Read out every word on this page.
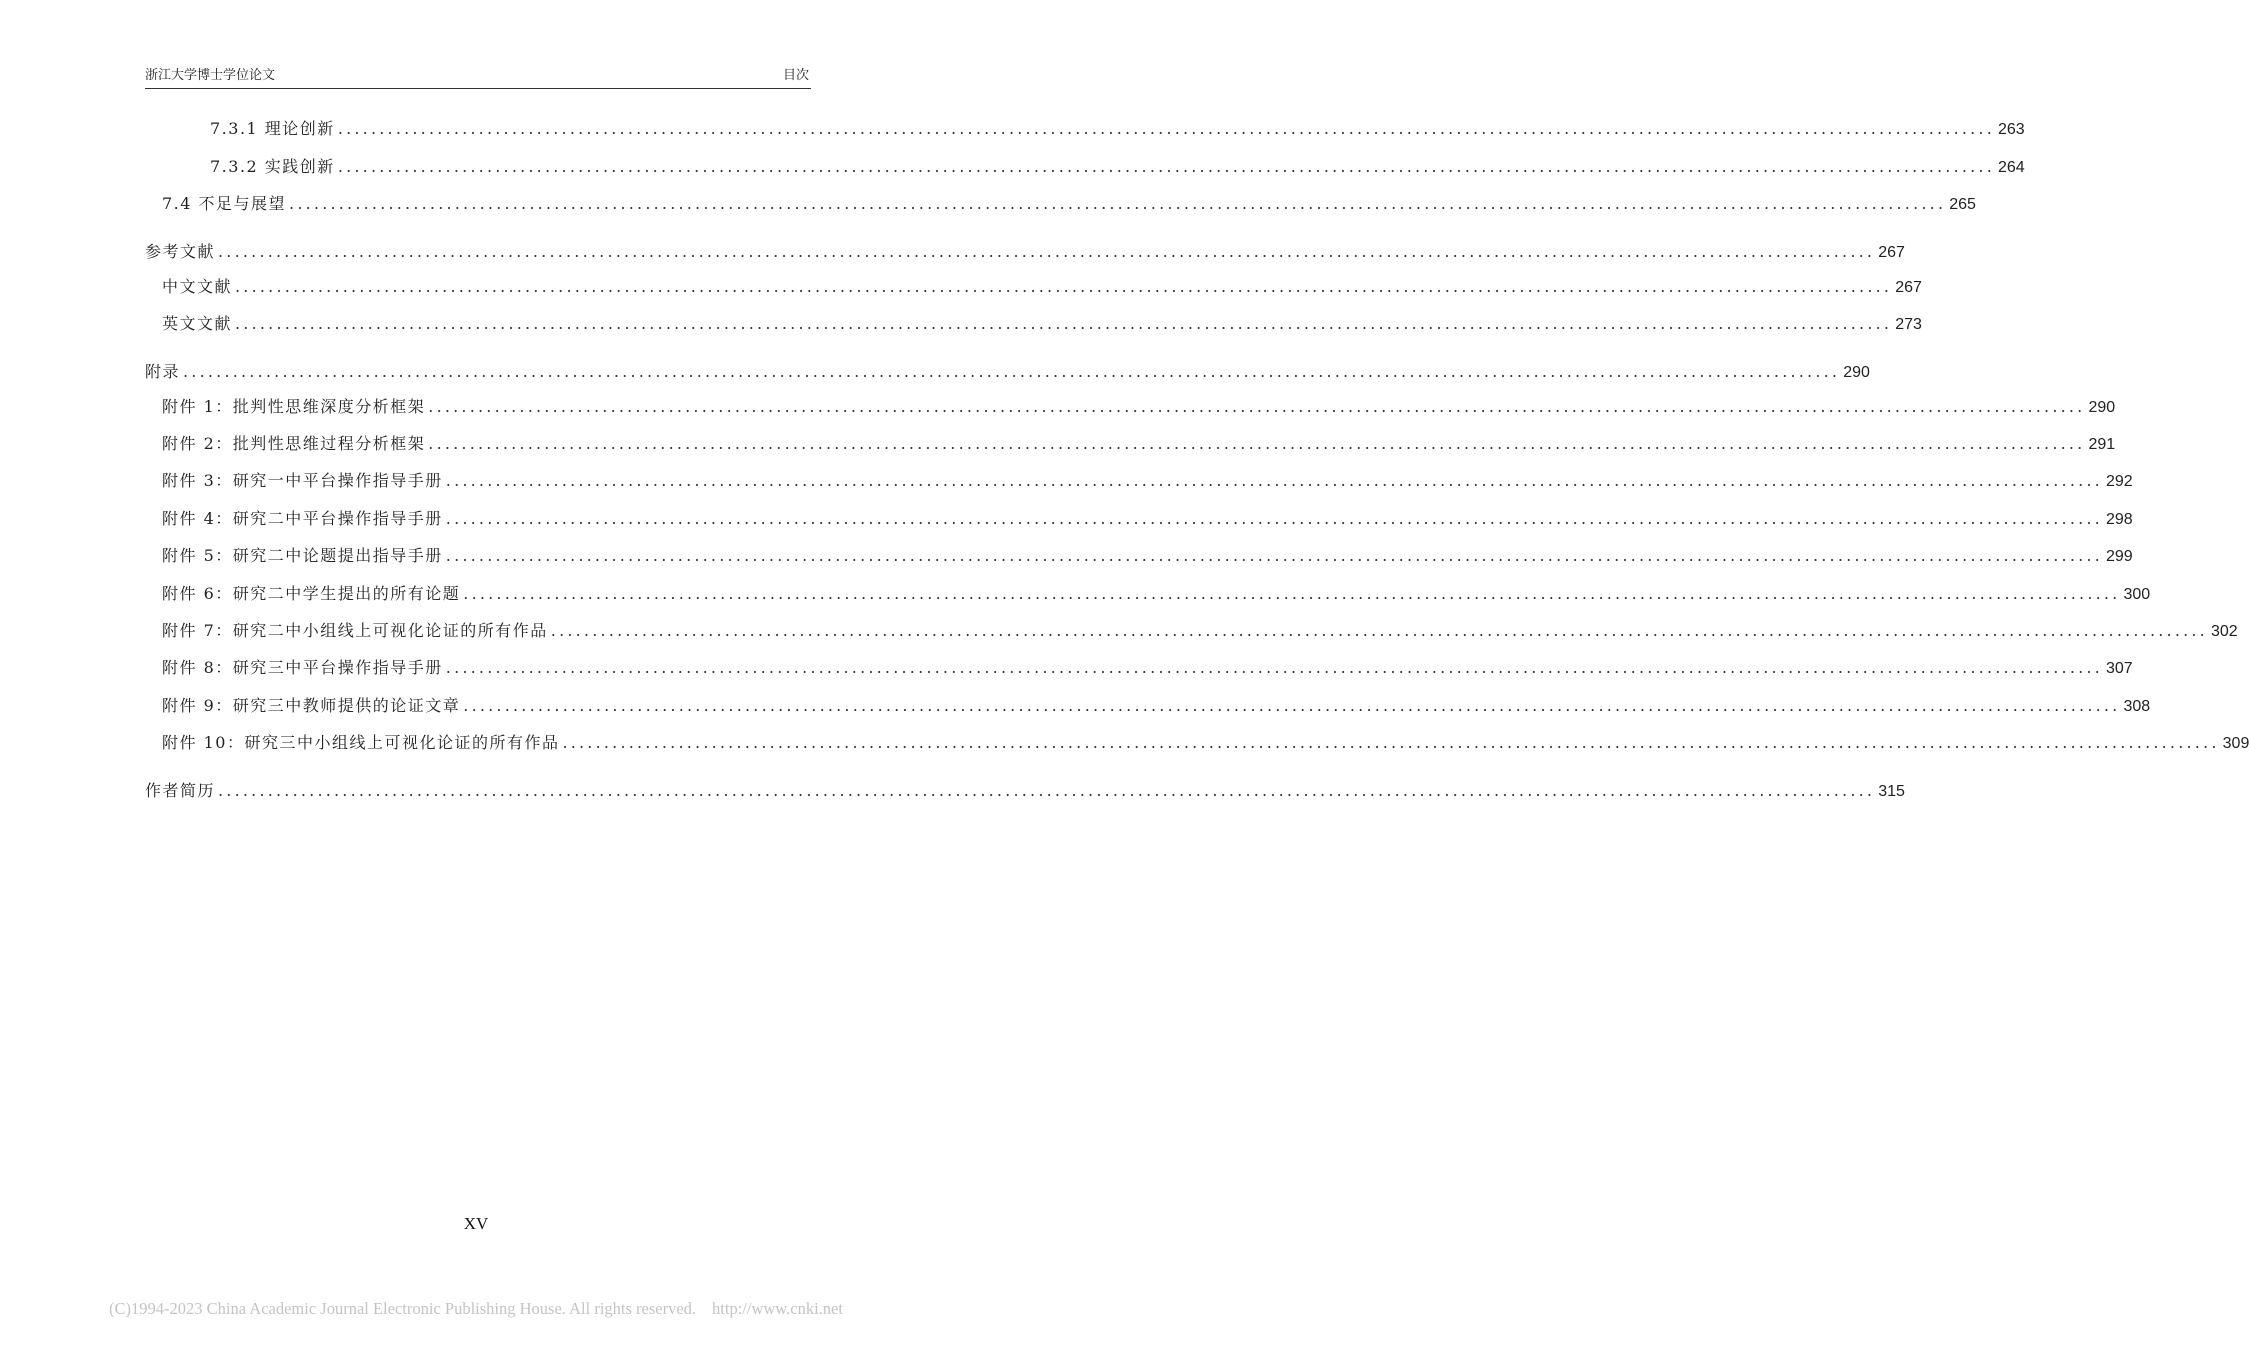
浙江大学博士学位论文	目次
7.3.1 理论创新 ........................................................................................................................................................................................................ 263
7.3.2 实践创新 ........................................................................................................................................................................................................ 264
7.4 不足与展望 ........................................................................................................................................................................................................ 265
参考文献 ........................................................................................................................................................................................................ 267
中文文献 ........................................................................................................................................................................................................ 267
英文文献 ........................................................................................................................................................................................................ 273
附录 ........................................................................................................................................................................................................ 290
附件 1：批判性思维深度分析框架 ........................................................................................................................................................................................................ 290
附件 2：批判性思维过程分析框架 ........................................................................................................................................................................................................ 291
附件 3：研究一中平台操作指导手册 ........................................................................................................................................................................................................ 292
附件 4：研究二中平台操作指导手册 ........................................................................................................................................................................................................ 298
附件 5：研究二中论题提出指导手册 ........................................................................................................................................................................................................ 299
附件 6：研究二中学生提出的所有论题 ........................................................................................................................................................................................................ 300
附件 7：研究二中小组线上可视化论证的所有作品 ........................................................................................................................................................................................................ 302
附件 8：研究三中平台操作指导手册 ........................................................................................................................................................................................................ 307
附件 9：研究三中教师提供的论证文章 ........................................................................................................................................................................................................ 308
附件 10：研究三中小组线上可视化论证的所有作品 ........................................................................................................................................................................................................ 309
作者简历 ........................................................................................................................................................................................................ 315
XV
(C)1994-2023 China Academic Journal Electronic Publishing House. All rights reserved. http://www.cnki.net
